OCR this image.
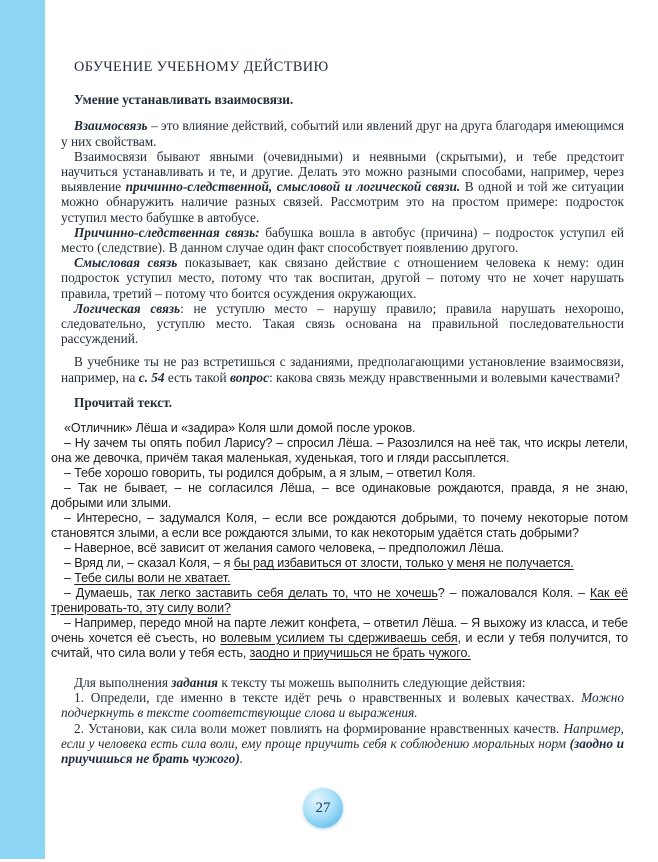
ОБУЧЕНИЕ УЧЕБНОМУ ДЕЙСТВИЮ

Умение устанавливать взаимосвязи.

Взаимосвязь – это влияние действий, событий или явлений друг на друга благодаря имеющимся у них свойствам.

Взаимосвязи бывают явными (очевидными) и неявными (скрытыми), и тебе предстоит научиться устанавливать и те, и другие. Делать это можно разными способами, например, через выявление причинно-следственной, смысловой и логической связи. В одной и той же ситуации можно обнаружить наличие разных связей. Рассмотрим это на простом примере: подросток уступил место бабушке в автобусе.

Причинно-следственная связь: бабушка вошла в автобус (причина) – подросток уступил ей место (следствие). В данном случае один факт способствует появлению другого.

Смысловая связь показывает, как связано действие с отношением человека к нему: один подросток уступил место, потому что так воспитан, другой – потому что не хочет нарушать правила, третий – потому что боится осуждения окружающих.

Логическая связь: не уступлю место – нарушу правило; правила нарушать нехорошо, следовательно, уступлю место. Такая связь основана на правильной последовательности рассуждений.

В учебнике ты не раз встретишься с заданиями, предполагающими установление взаимосвязи, например, на с. 54 есть такой вопрос: какова связь между нравственными и волевыми качествами?

Прочитай текст.

«Отличник» Лёша и «задира» Коля шли домой после уроков.

– Ну зачем ты опять побил Ларису? – спросил Лёша. – Разозлился на неё так, что искры летели, она же девочка, причём такая маленькая, худенькая, того и гляди рассыплется.

– Тебе хорошо говорить, ты родился добрым, а я злым, – ответил Коля.

– Так не бывает, – не согласился Лёша, – все одинаковые рождаются, правда, я не знаю, добрыми или злыми.

– Интересно, – задумался Коля, – если все рождаются добрыми, то почему некоторые потом становятся злыми, а если все рождаются злыми, то как некоторым удаётся стать добрыми?

– Наверное, всё зависит от желания самого человека, – предположил Лёша.

– Вряд ли, – сказал Коля, – я бы рад избавиться от злости, только у меня не получается.

– Тебе силы воли не хватает.

– Думаешь, так легко заставить себя делать то, что не хочешь? – пожаловался Коля. – Как её тренировать-то, эту силу воли?

– Например, передо мной на парте лежит конфета, – ответил Лёша. – Я выхожу из класса, и тебе очень хочется её съесть, но волевым усилием ты сдерживаешь себя, и если у тебя получится, то считай, что сила воли у тебя есть, заодно и приучишься не брать чужого.

Для выполнения задания к тексту ты можешь выполнить следующие действия:

1. Определи, где именно в тексте идёт речь о нравственных и волевых качествах. Можно подчеркнуть в тексте соответствующие слова и выражения.

2. Установи, как сила воли может повлиять на формирование нравственных качеств. Например, если у человека есть сила воли, ему проще приучить себя к соблюдению моральных норм (заодно и приучишься не брать чужого).

27
